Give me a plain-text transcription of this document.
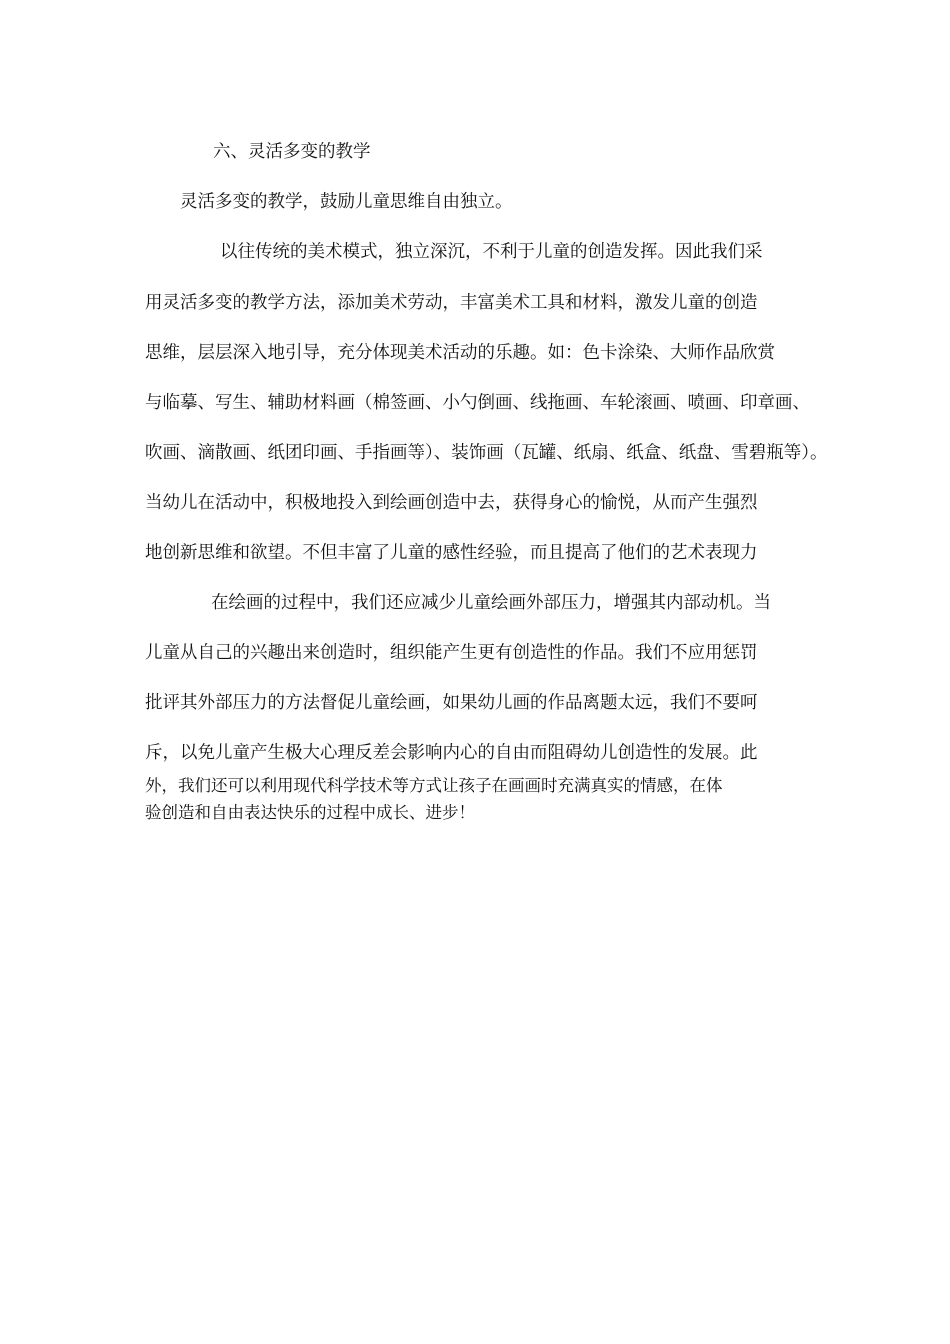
六、灵活多变的教学

灵活多变的教学，鼓励儿童思维自由独立。

以往传统的美术模式，独立深沉，不利于儿童的创造发挥。因此我们采

用灵活多变的教学方法，添加美术劳动，丰富美术工具和材料，激发儿童的创造

思维，层层深入地引导，充分体现美术活动的乐趣。如：色卡涂染、大师作品欣赏

与临摹、写生、辅助材料画（棉签画、小勺倒画、线拖画、车轮滚画、喷画、印章画、

吹画、滴散画、纸团印画、手指画等）、装饰画（瓦罐、纸扇、纸盒、纸盘、雪碧瓶等）。

当幼儿在活动中，积极地投入到绘画创造中去，获得身心的愉悦，从而产生强烈

地创新思维和欲望。不但丰富了儿童的感性经验，而且提高了他们的艺术表现力

在绘画的过程中，我们还应减少儿童绘画外部压力，增强其内部动机。当

儿童从自己的兴趣出来创造时，组织能产生更有创造性的作品。我们不应用惩罚

批评其外部压力的方法督促儿童绘画，如果幼儿画的作品离题太远，我们不要呵

斥，以免儿童产生极大心理反差会影响内心的自由而阻碍幼儿创造性的发展。此

外，我们还可以利用现代科学技术等方式让孩子在画画时充满真实的情感，在体

验创造和自由表达快乐的过程中成长、进步！
